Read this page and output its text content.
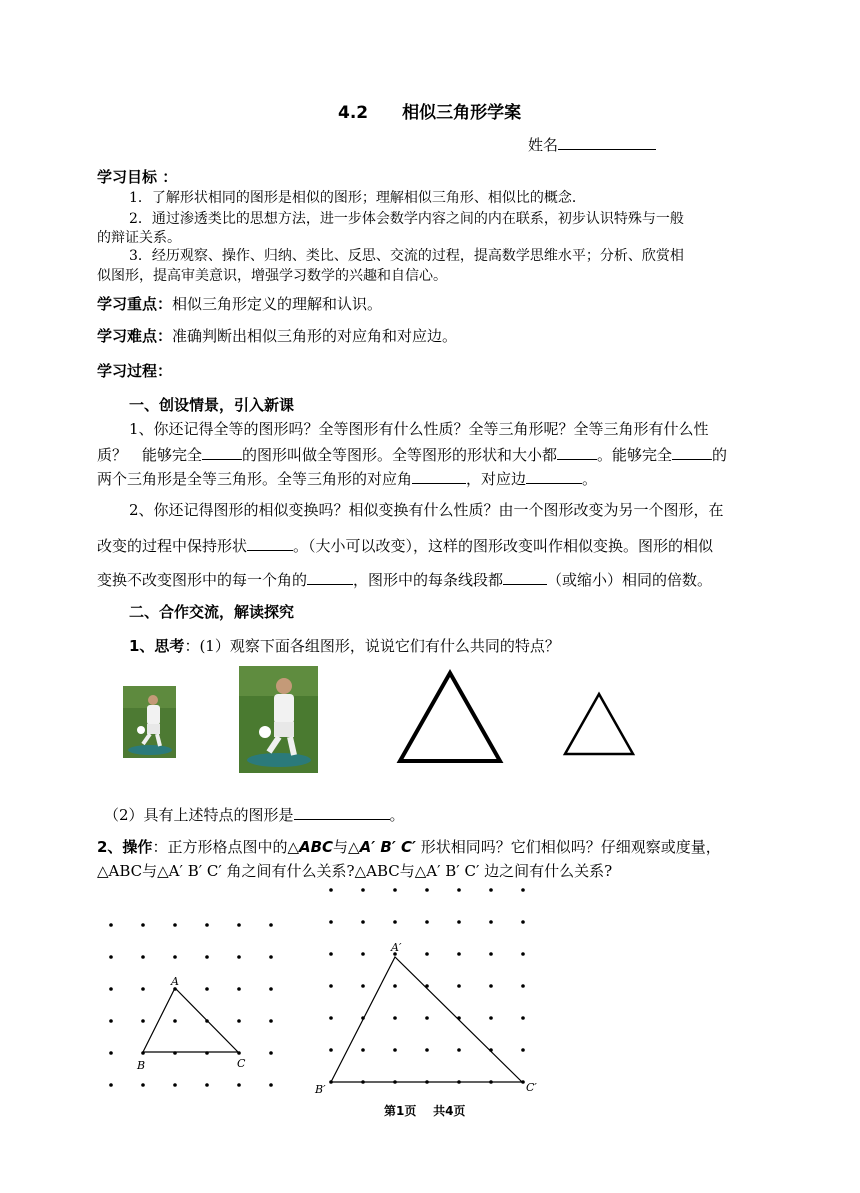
4.2　　相似三角形学案
姓名
学习目标 ：
1．了解形状相同的图形是相似的图形；理解相似三角形、相似比的概念．
2．通过渗透类比的思想方法，进一步体会数学内容之间的内在联系，初步认识特殊与一般
的辩证关系。
3．经历观察、操作、归纳、类比、反思、交流的过程，提高数学思维水平；分析、欣赏相
似图形，提高审美意识，增强学习数学的兴趣和自信心。
学习重点：相似三角形定义的理解和认识。
学习难点：准确判断出相似三角形的对应角和对应边。
学习过程：
一、创设情景，引入新课
1、你还记得全等的图形吗？全等图形有什么性质？全等三角形呢？全等三角形有什么性
质？　能够完全	的图形叫做全等图形。全等图形的形状和大小都	。能够完全	的
两个三角形是全等三角形。全等三角形的对应角	，对应边	。
2、你还记得图形的相似变换吗？相似变换有什么性质？由一个图形改变为另一个图形，在
改变的过程中保持形状	。（大小可以改变），这样的图形改变叫作相似变换。图形的相似
变换不改变图形中的每一个角的	，图形中的每条线段都	（或缩小）相同的倍数。
二、合作交流，解读探究
1、思考：(1）观察下面各组图形，说说它们有什么共同的特点？
（2）具有上述特点的图形是	。
2、操作：正方形格点图中的△ABC与△A′ B′ C′ 形状相同吗？它们相似吗？仔细观察或度量，
△ABC与△A′ B′ C′ 角之间有什么关系?△ABC与△A′ B′ C′ 边之间有什么关系?
A
B	C
A′
B′	C′
第1页 共4页
